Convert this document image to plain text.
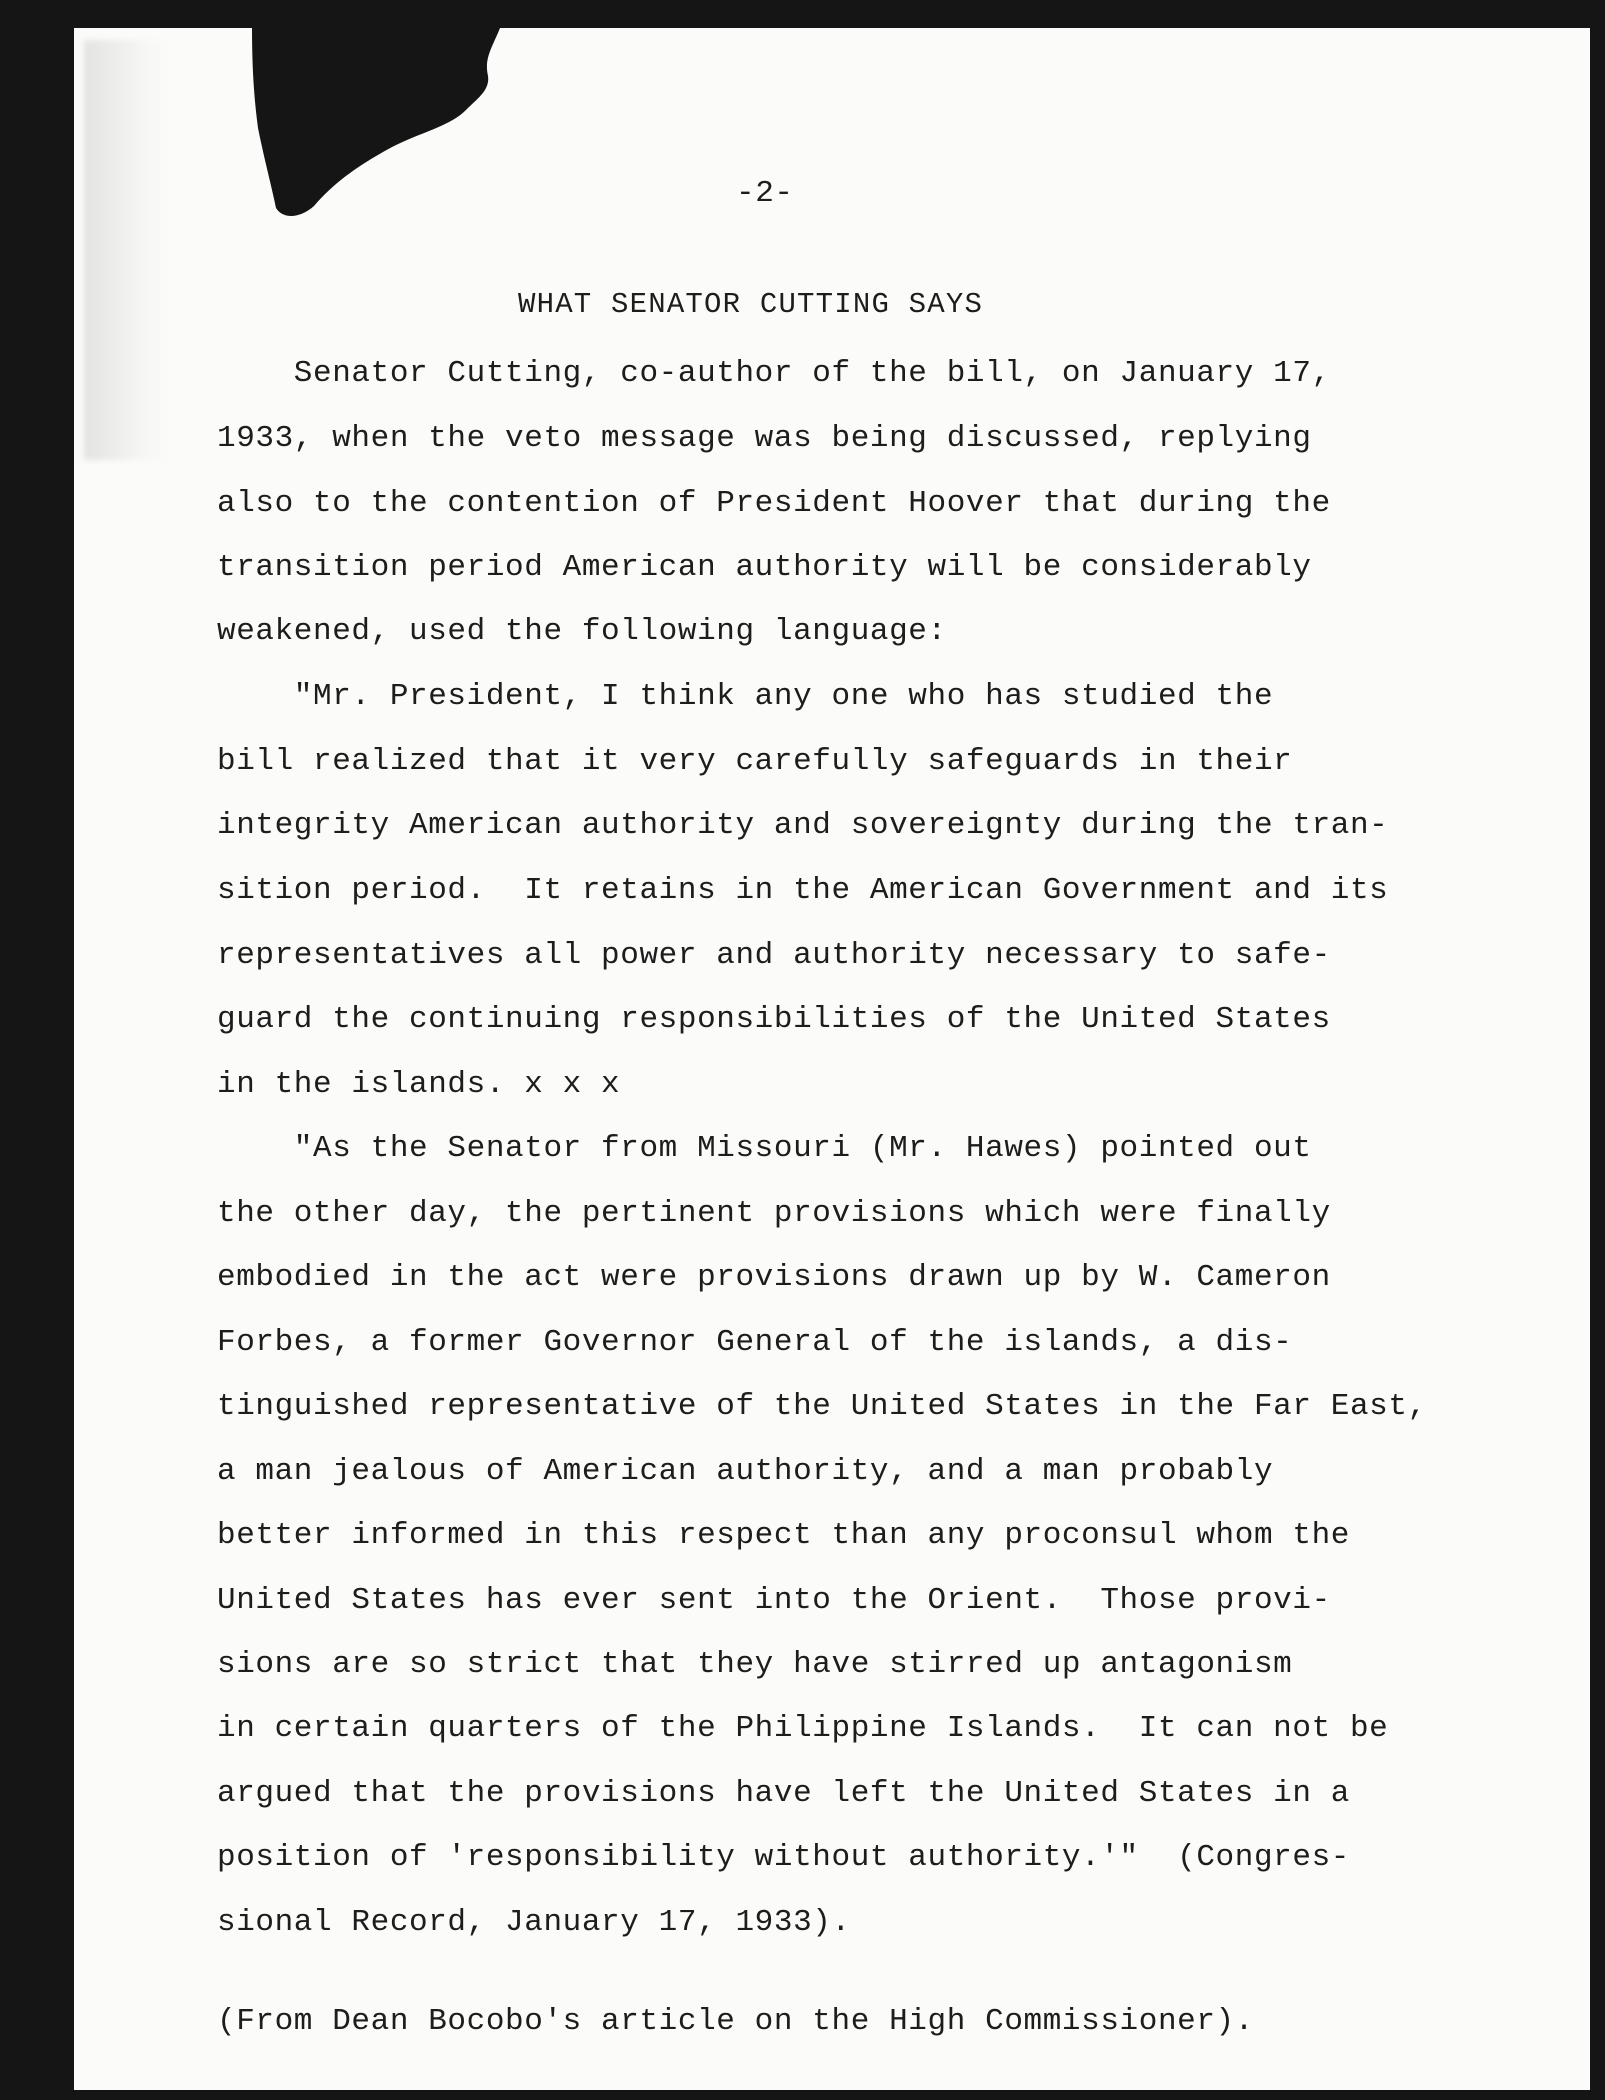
-2-
WHAT SENATOR CUTTING SAYS
Senator Cutting, co-author of the bill, on January 17,
1933, when the veto message was being discussed, replying
also to the contention of President Hoover that during the
transition period American authority will be considerably
weakened, used the following language:
"Mr. President, I think any one who has studied the
bill realized that it very carefully safeguards in their
integrity American authority and sovereignty during the tran-
sition period.  It retains in the American Government and its
representatives all power and authority necessary to safe-
guard the continuing responsibilities of the United States
in the islands. x x x
"As the Senator from Missouri (Mr. Hawes) pointed out
the other day, the pertinent provisions which were finally
embodied in the act were provisions drawn up by W. Cameron
Forbes, a former Governor General of the islands, a dis-
tinguished representative of the United States in the Far East,
a man jealous of American authority, and a man probably
better informed in this respect than any proconsul whom the
United States has ever sent into the Orient.  Those provi-
sions are so strict that they have stirred up antagonism
in certain quarters of the Philippine Islands.  It can not be
argued that the provisions have left the United States in a
position of 'responsibility without authority.'"  (Congres-
sional Record, January 17, 1933).
(From Dean Bocobo's article on the High Commissioner).
